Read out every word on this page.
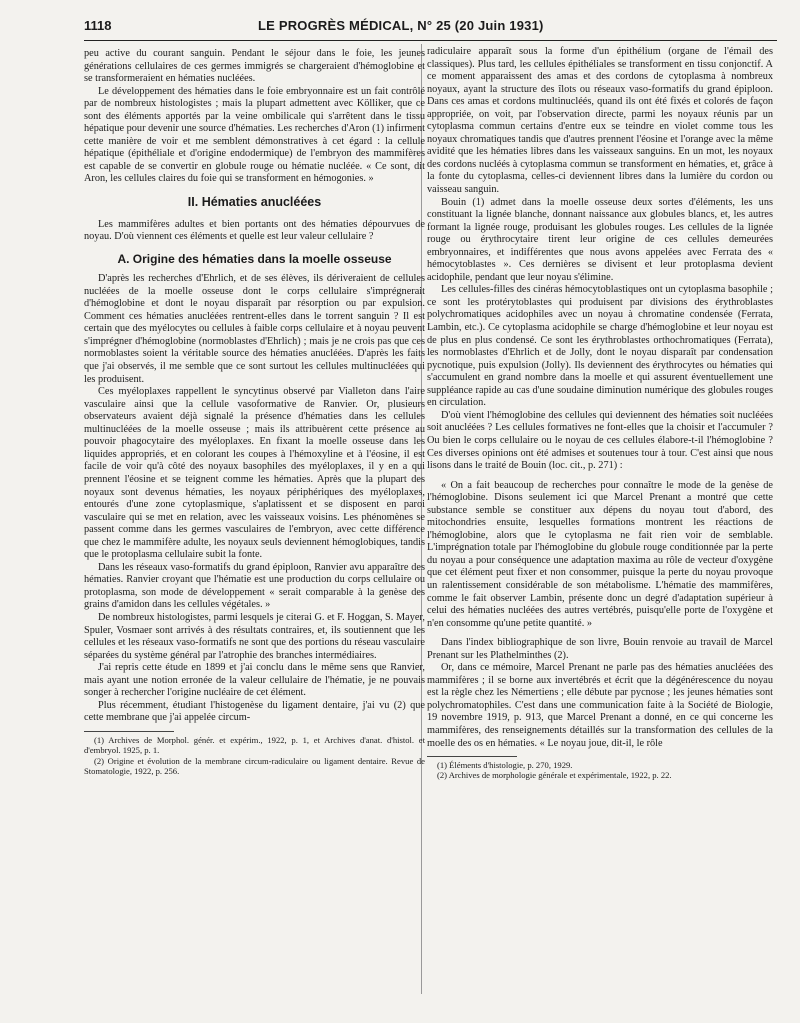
1118	LE PROGRÈS MÉDICAL, N° 25 (20 Juin 1931)

peu active du courant sanguin. Pendant le séjour dans le foie, les jeunes générations cellulaires de ces germes immigrés se chargeraient d'hémoglobine et se transformeraient en hématies nucléées.

Le développement des hématies dans le foie embryonnaire est un fait contrôlé par de nombreux histologistes ; mais la plupart admettent avec Kölliker, que ce sont des éléments apportés par la veine ombilicale qui s'arrêtent dans le tissu hépatique pour devenir une source d'hématies. Les recherches d'Aron (1) infirment cette manière de voir et me semblent démonstratives à cet égard : la cellule hépatique (épithéliale et d'origine endodermique) de l'embryon des mammifères est capable de se convertir en globule rouge ou hématie nucléée. « Ce sont, dit Aron, les cellules claires du foie qui se transforment en hémogonies. »

II. Hématies anucléées

Les mammifères adultes et bien portants ont des hématies dépourvues de noyau. D'où viennent ces éléments et quelle est leur valeur cellulaire ?

A. Origine des hématies dans la moelle osseuse

D'après les recherches d'Ehrlich, et de ses élèves, ils dériveraient de cellules nucléées de la moelle osseuse dont le corps cellulaire s'imprégnerait d'hémoglobine et dont le noyau disparaît par résorption ou par expulsion. Comment ces hématies anucléées rentrent-elles dans le torrent sanguin ? Il est certain que des myélocytes ou cellules à faible corps cellulaire et à noyau peuvent s'imprégner d'hémoglobine (normoblastes d'Ehrlich) ; mais je ne crois pas que ces normoblastes soient la véritable source des hématies anucléées. D'après les faits que j'ai observés, il me semble que ce sont surtout les cellules multinucléées qui les produisent.

Ces myéloplaxes rappellent le syncytinus observé par Vialleton dans l'aire vasculaire ainsi que la cellule vasoformative de Ranvier. Or, plusieurs observateurs avaient déjà signalé la présence d'hématies dans les cellules multinucléées de la moelle osseuse ; mais ils attribuèrent cette présence au pouvoir phagocytaire des myéloplaxes. En fixant la moelle osseuse dans les liquides appropriés, et en colorant les coupes à l'hémoxyline et à l'éosine, il est facile de voir qu'à côté des noyaux basophiles des myéloplaxes, il y en a qui prennent l'éosine et se teignent comme les hématies. Après que la plupart des noyaux sont devenus hématies, les noyaux périphériques des myéloplaxes, entourés d'une zone cytoplasmique, s'aplatissent et se disposent en paroi vasculaire qui se met en relation, avec les vaisseaux voisins. Les phénomènes se passent comme dans les germes vasculaires de l'embryon, avec cette différence que chez le mammifère adulte, les noyaux seuls deviennent hémoglobiques, tandis que le protoplasma cellulaire subit la fonte.

Dans les réseaux vaso-formatifs du grand épiploon, Ranvier avu apparaître des hématies. Ranvier croyant que l'hématie est une production du corps cellulaire ou protoplasma, son mode de développement « serait comparable à la genèse des grains d'amidon dans les cellules végétales. »

De nombreux histologistes, parmi lesquels je citerai G. et F. Hoggan, S. Mayer, Spuler, Vosmaer sont arrivés à des résultats contraires, et, ils soutiennent que les cellules et les réseaux vaso-formatifs ne sont que des portions du réseau vasculaire séparées du système général par l'atrophie des branches intermédiaires.

J'ai repris cette étude en 1899 et j'ai conclu dans le même sens que Ranvier, mais ayant une notion erronée de la valeur cellulaire de l'hématie, je ne pouvais songer à rechercher l'origine nucléaire de cet élément.

Plus récemment, étudiant l'histogenèse du ligament dentaire, j'ai vu (2) que cette membrane que j'ai appelée circum-

(1) Archives de Morphol. génér. et expérim., 1922, p. 1, et Archives d'anat. d'histol. et d'embryol. 1925, p. 1.

(2) Origine et évolution de la membrane circum-radiculaire ou ligament dentaire. Revue de Stomatologie, 1922, p. 256.

radiculaire apparaît sous la forme d'un épithélium (organe de l'émail des classiques). Plus tard, les cellules épithéliales se transforment en tissu conjonctif. A ce moment apparaissent des amas et des cordons de cytoplasma à nombreux noyaux, ayant la structure des îlots ou réseaux vaso-formatifs du grand épiploon. Dans ces amas et cordons multinucléés, quand ils ont été fixés et colorés de façon appropriée, on voit, par l'observation directe, parmi les noyaux réunis par un cytoplasma commun certains d'entre eux se teindre en violet comme tous les noyaux chromatiques tandis que d'autres prennent l'éosine et l'orange avec la même avidité que les hématies libres dans les vaisseaux sanguins. En un mot, les noyaux des cordons nucléés à cytoplasma commun se transforment en hématies, et, grâce à la fonte du cytoplasma, celles-ci deviennent libres dans la lumière du cordon ou vaisseau sanguin.

Bouin (1) admet dans la moelle osseuse deux sortes d'éléments, les uns constituant la lignée blanche, donnant naissance aux globules blancs, et, les autres formant la lignée rouge, produisant les globules rouges. Les cellules de la lignée rouge ou érythrocytaire tirent leur origine de ces cellules demeurées embryonnaires, et indifférentes que nous avons appelées avec Ferrata des « hémocytoblastes ». Ces dernières se divisent et leur protoplasma devient acidophile, pendant que leur noyau s'élimine.

Les cellules-filles des cinéras hémocytoblastiques ont un cytoplasma basophile ; ce sont les protérytoblastes qui produisent par divisions des érythroblastes polychromatiques acidophiles avec un noyau à chromatine condensée (Ferrata, Lambin, etc.). Ce cytoplasma acidophile se charge d'hémoglobine et leur noyau est de plus en plus condensé. Ce sont les érythroblastes orthochromatiques (Ferrata), les normoblastes d'Ehrlich et de Jolly, dont le noyau disparaît par condensation pycnotique, puis expulsion (Jolly). Ils deviennent des érythrocytes ou hématies qui s'accumulent en grand nombre dans la moelle et qui assurent éventuellement une suppléance rapide au cas d'une soudaine diminution numérique des globules rouges en circulation.

D'où vient l'hémoglobine des cellules qui deviennent des hématies soit nucléées soit anucléées ? Les cellules formatives ne font-elles que la choisir et l'accumuler ? Ou bien le corps cellulaire ou le noyau de ces cellules élabore-t-il l'hémoglobine ? Ces diverses opinions ont été admises et soutenues tour à tour. C'est ainsi que nous lisons dans le traité de Bouin (loc. cit., p. 271) :

« On a fait beaucoup de recherches pour connaître le mode de la genèse de l'hémoglobine. Disons seulement ici que Marcel Prenant a montré que cette substance semble se constituer aux dépens du noyau tout d'abord, des mitochondries ensuite, lesquelles formations montrent les réactions de l'hémoglobine, alors que le cytoplasma ne fait rien voir de semblable. L'imprégnation totale par l'hémoglobine du globule rouge conditionnée par la perte du noyau a pour conséquence une adaptation maxima au rôle de vecteur d'oxygène que cet élément peut fixer et non consommer, puisque la perte du noyau provoque un ralentissement considérable de son métabolisme. L'hématie des mammifères, comme le fait observer Lambin, présente donc un degré d'adaptation supérieur à celui des hématies nucléées des autres vertébrés, puisqu'elle porte de l'oxygène et n'en consomme qu'une petite quantité. »

Dans l'index bibliographique de son livre, Bouin renvoie au travail de Marcel Prenant sur les Plathelminthes (2).

Or, dans ce mémoire, Marcel Prenant ne parle pas des hématies anucléées des mammifères ; il se borne aux invertébrés et écrit que la dégénérescence du noyau est la règle chez les Némertiens ; elle débute par pycnose ; les jeunes hématies sont polychromatophiles. C'est dans une communication faite à la Société de Biologie, 19 novembre 1919, p. 913, que Marcel Prenant a donné, en ce qui concerne les mammifères, des renseignements détaillés sur la transformation des cellules de la moelle des os en hématies. « Le noyau joue, dit-il, le rôle

(1) Éléments d'histologie, p. 270, 1929.

(2) Archives de morphologie générale et expérimentale, 1922, p. 22.
